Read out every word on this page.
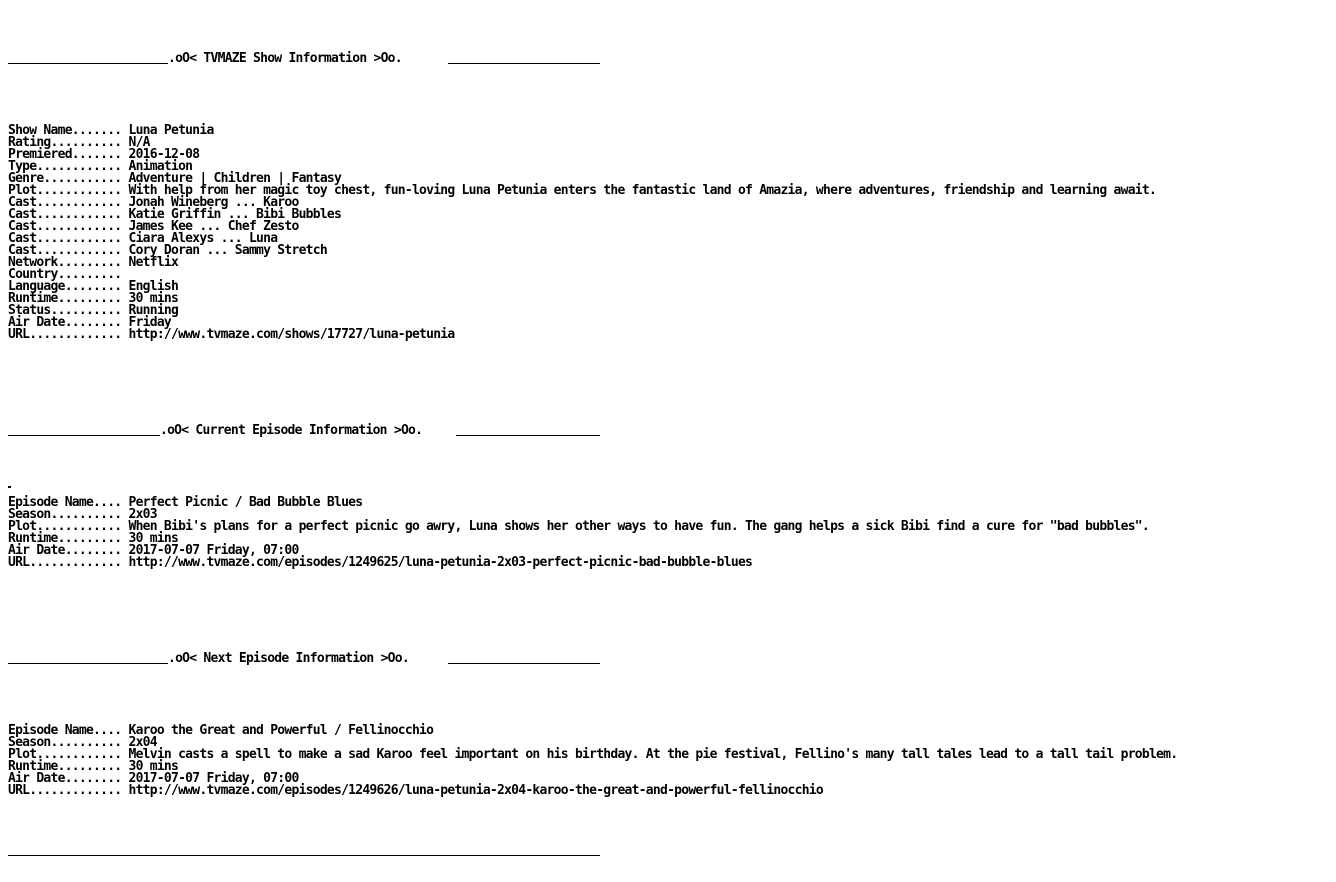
.oO< TVMAZE Show Information >Oo.

Show Name....... Luna Petunia
Rating.......... N/A
Premiered....... 2016-12-08
Type............ Animation
Genre........... Adventure | Children | Fantasy
Plot............ With help from her magic toy chest, fun-loving Luna Petunia enters the fantastic land of Amazia, where adventures, friendship and learning await.
Cast............ Jonah Wineberg ... Karoo
Cast............ Katie Griffin ... Bibi Bubbles
Cast............ James Kee ... Chef Zesto
Cast............ Ciara Alexys ... Luna
Cast............ Cory Doran ... Sammy Stretch
Network......... Netflix
Country.........
Language........ English
Runtime......... 30 mins
Status.......... Running
Air Date........ Friday
URL............. http://www.tvmaze.com/shows/17727/luna-petunia

.oO< Current Episode Information >Oo.

Episode Name.... Perfect Picnic / Bad Bubble Blues
Season.......... 2x03
Plot............ When Bibi's plans for a perfect picnic go awry, Luna shows her other ways to have fun. The gang helps a sick Bibi find a cure for "bad bubbles".
Runtime......... 30 mins
Air Date........ 2017-07-07 Friday, 07:00
URL............. http://www.tvmaze.com/episodes/1249625/luna-petunia-2x03-perfect-picnic-bad-bubble-blues

.oO< Next Episode Information >Oo.

Episode Name.... Karoo the Great and Powerful / Fellinocchio
Season.......... 2x04
Plot............ Melvin casts a spell to make a sad Karoo feel important on his birthday. At the pie festival, Fellino's many tall tales lead to a tall tail problem.
Runtime......... 30 mins
Air Date........ 2017-07-07 Friday, 07:00
URL............. http://www.tvmaze.com/episodes/1249626/luna-petunia-2x04-karoo-the-great-and-powerful-fellinocchio
